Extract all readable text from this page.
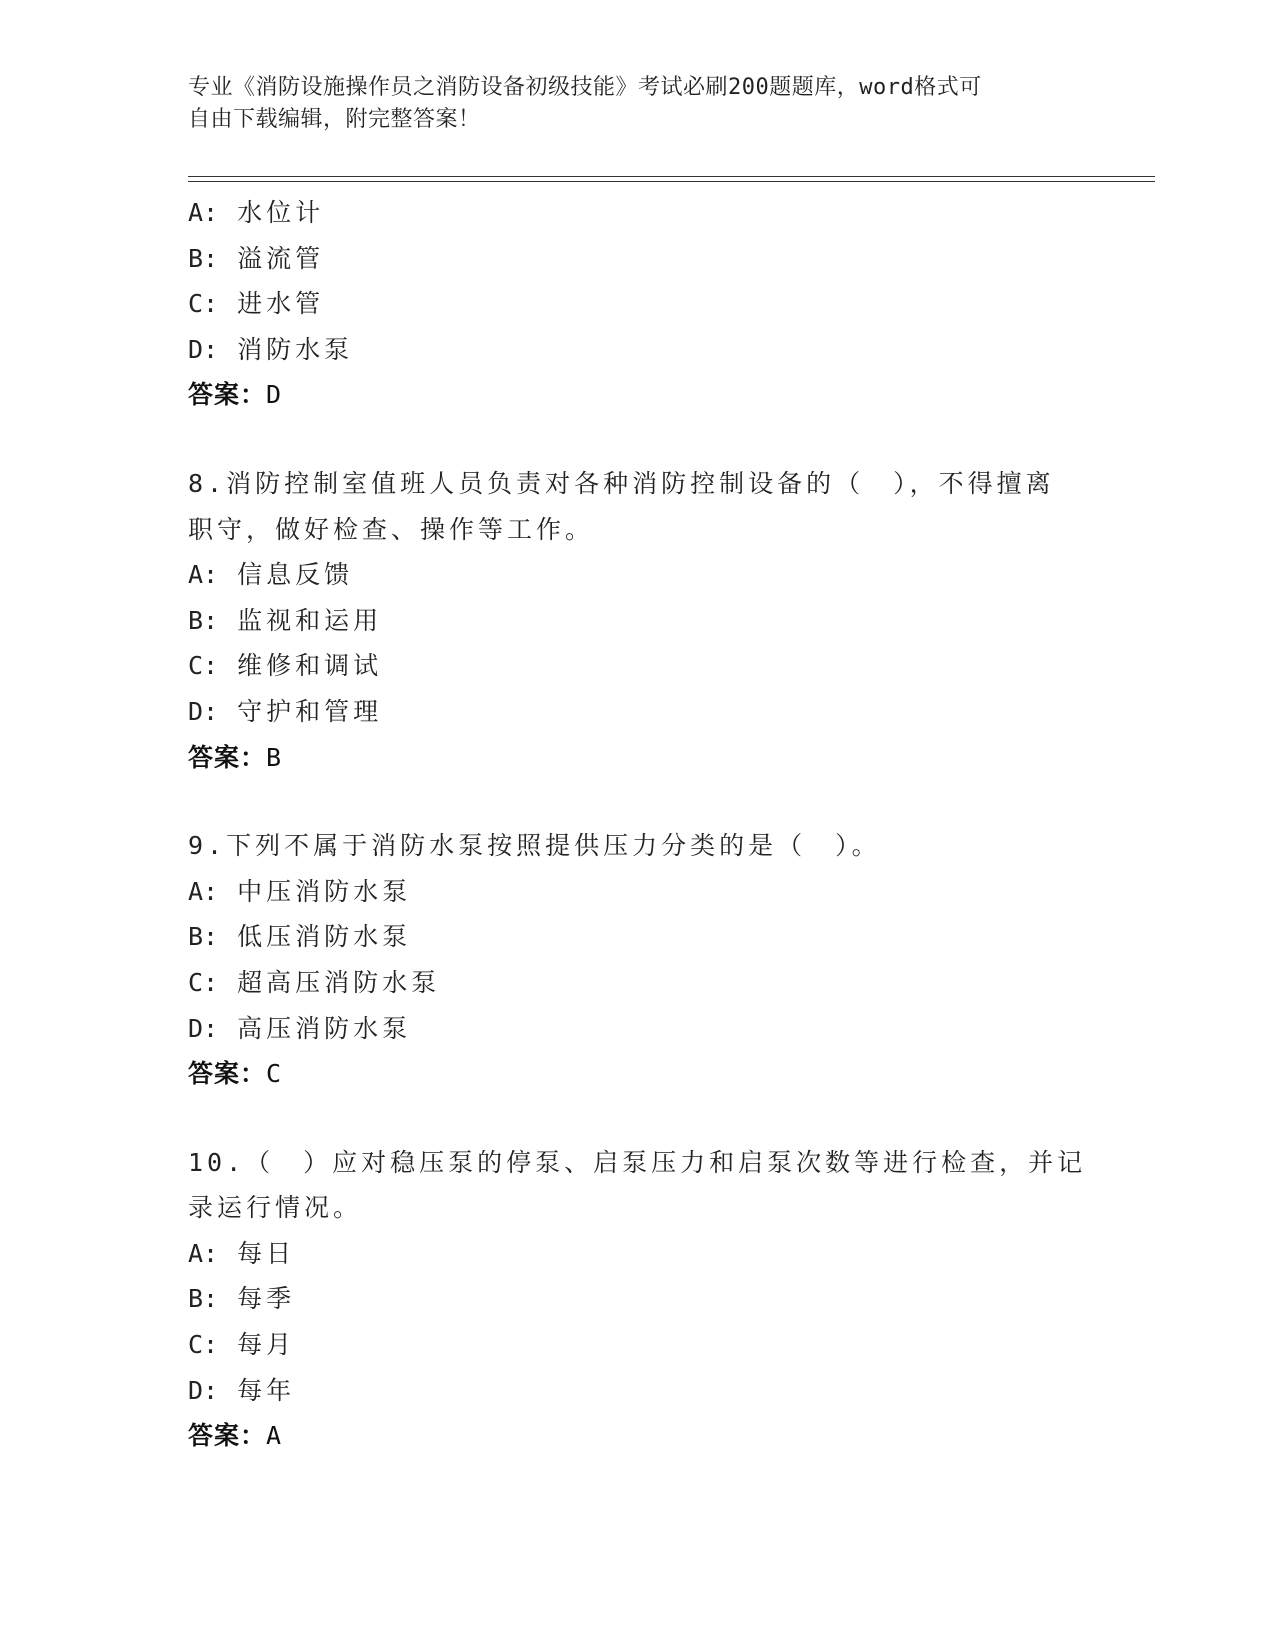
专业《消防设施操作员之消防设备初级技能》考试必刷200题题库，word格式可
自由下载编辑，附完整答案！
A: 水位计
B: 溢流管
C: 进水管
D: 消防水泵
答案：D
8.消防控制室值班人员负责对各种消防控制设备的（　），不得擅离
职守，做好检查、操作等工作。
A: 信息反馈
B: 监视和运用
C: 维修和调试
D: 守护和管理
答案：B
9.下列不属于消防水泵按照提供压力分类的是（　）。
A: 中压消防水泵
B: 低压消防水泵
C: 超高压消防水泵
D: 高压消防水泵
答案：C
10.（　）应对稳压泵的停泵、启泵压力和启泵次数等进行检查，并记
录运行情况。
A: 每日
B: 每季
C: 每月
D: 每年
答案：A
